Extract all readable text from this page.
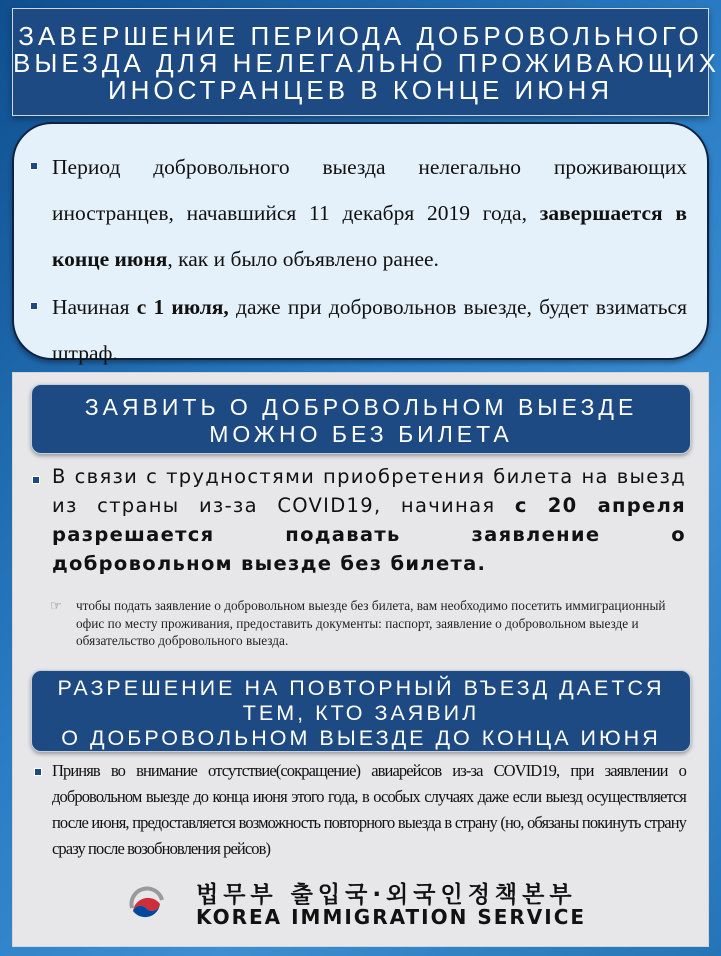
ЗАВЕРШЕНИЕ ПЕРИОДА ДОБРОВОЛЬНОГО
ВЫЕЗДА ДЛЯ НЕЛЕГАЛЬНО ПРОЖИВАЮЩИХ
ИНОСТРАНЦЕВ В КОНЦЕ ИЮНЯ
Период добровольного выезда нелегально проживающих иностранцев, начавшийся 11 декабря 2019 года, завершается в конце июня, как и было объявлено ранее.
Начиная с 1 июля, даже при добровольнов выезде, будет взиматься штраф.
ЗАЯВИТЬ О ДОБРОВОЛЬНОМ ВЫЕЗДЕ
МОЖНО БЕЗ БИЛЕТА
В связи с трудностями приобретения билета на выезд из страны из-за COVID19, начиная с 20 апреля разрешается подавать заявление о добровольном выезде без билета.
☞ чтобы подать заявление о добровольном выезде без билета, вам необходимо посетить иммиграционный офис по месту проживания, предоставить документы: паспорт, заявление о добровольном выезде и обязательство добровольного выезда.
РАЗРЕШЕНИЕ НА ПОВТОРНЫЙ ВЪЕЗД ДАЕТСЯ
ТЕМ, КТО ЗАЯВИЛ
О ДОБРОВОЛЬНОМ ВЫЕЗДЕ ДО КОНЦА ИЮНЯ
Приняв во внимание отсутствие(сокращение) авиарейсов из-за COVID19, при заявлении о добровольном выезде до конца июня этого года, в особых случаях даже если выезд осуществляется после июня, предоставляется возможность повторного выезда в страну (но, обязаны покинуть страну сразу после возобновления рейсов)
법무부 출입국·외국인정책본부
KOREA IMMIGRATION SERVICE
